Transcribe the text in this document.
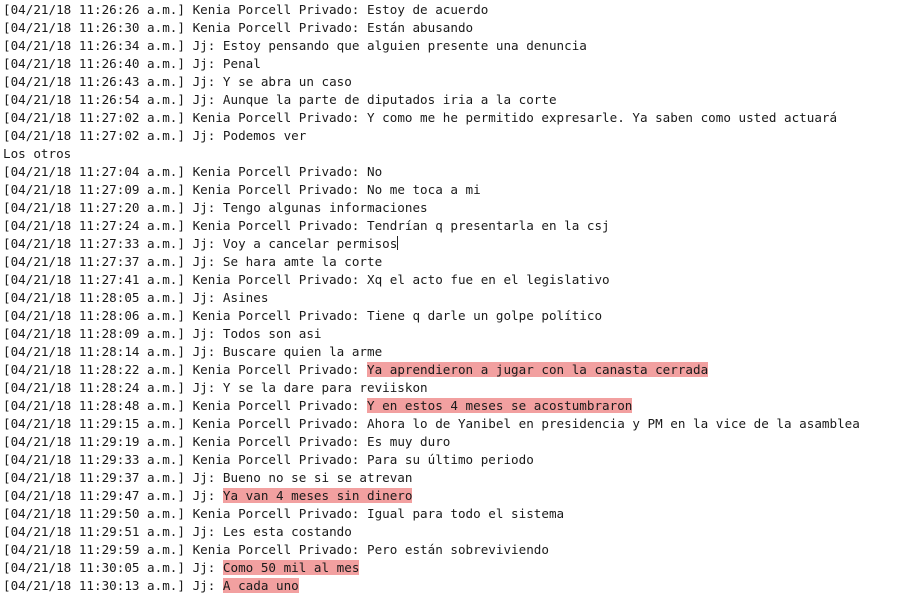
[04/21/18 11:26:26 a.m.] Kenia Porcell Privado: Estoy de acuerdo
[04/21/18 11:26:30 a.m.] Kenia Porcell Privado: Están abusando
[04/21/18 11:26:34 a.m.] Jj: Estoy pensando que alguien presente una denuncia
[04/21/18 11:26:40 a.m.] Jj: Penal
[04/21/18 11:26:43 a.m.] Jj: Y se abra un caso
[04/21/18 11:26:54 a.m.] Jj: Aunque la parte de diputados iria a la corte
[04/21/18 11:27:02 a.m.] Kenia Porcell Privado: Y como me he permitido expresarle. Ya saben como usted actuará
[04/21/18 11:27:02 a.m.] Jj: Podemos ver
Los otros
[04/21/18 11:27:04 a.m.] Kenia Porcell Privado: No
[04/21/18 11:27:09 a.m.] Kenia Porcell Privado: No me toca a mi
[04/21/18 11:27:20 a.m.] Jj: Tengo algunas informaciones
[04/21/18 11:27:24 a.m.] Kenia Porcell Privado: Tendrían q presentarla en la csj
[04/21/18 11:27:33 a.m.] Jj: Voy a cancelar permisos
[04/21/18 11:27:37 a.m.] Jj: Se hara amte la corte
[04/21/18 11:27:41 a.m.] Kenia Porcell Privado: Xq el acto fue en el legislativo
[04/21/18 11:28:05 a.m.] Jj: Asines
[04/21/18 11:28:06 a.m.] Kenia Porcell Privado: Tiene q darle un golpe político
[04/21/18 11:28:09 a.m.] Jj: Todos son asi
[04/21/18 11:28:14 a.m.] Jj: Buscare quien la arme
[04/21/18 11:28:22 a.m.] Kenia Porcell Privado: Ya aprendieron a jugar con la canasta cerrada
[04/21/18 11:28:24 a.m.] Jj: Y se la dare para reviiskon
[04/21/18 11:28:48 a.m.] Kenia Porcell Privado: Y en estos 4 meses se acostumbraron
[04/21/18 11:29:15 a.m.] Kenia Porcell Privado: Ahora lo de Yanibel en presidencia y PM en la vice de la asamblea
[04/21/18 11:29:19 a.m.] Kenia Porcell Privado: Es muy duro
[04/21/18 11:29:33 a.m.] Kenia Porcell Privado: Para su último periodo
[04/21/18 11:29:37 a.m.] Jj: Bueno no se si se atrevan
[04/21/18 11:29:47 a.m.] Jj: Ya van 4 meses sin dinero
[04/21/18 11:29:50 a.m.] Kenia Porcell Privado: Igual para todo el sistema
[04/21/18 11:29:51 a.m.] Jj: Les esta costando
[04/21/18 11:29:59 a.m.] Kenia Porcell Privado: Pero están sobreviviendo
[04/21/18 11:30:05 a.m.] Jj: Como 50 mil al mes
[04/21/18 11:30:13 a.m.] Jj: A cada uno
